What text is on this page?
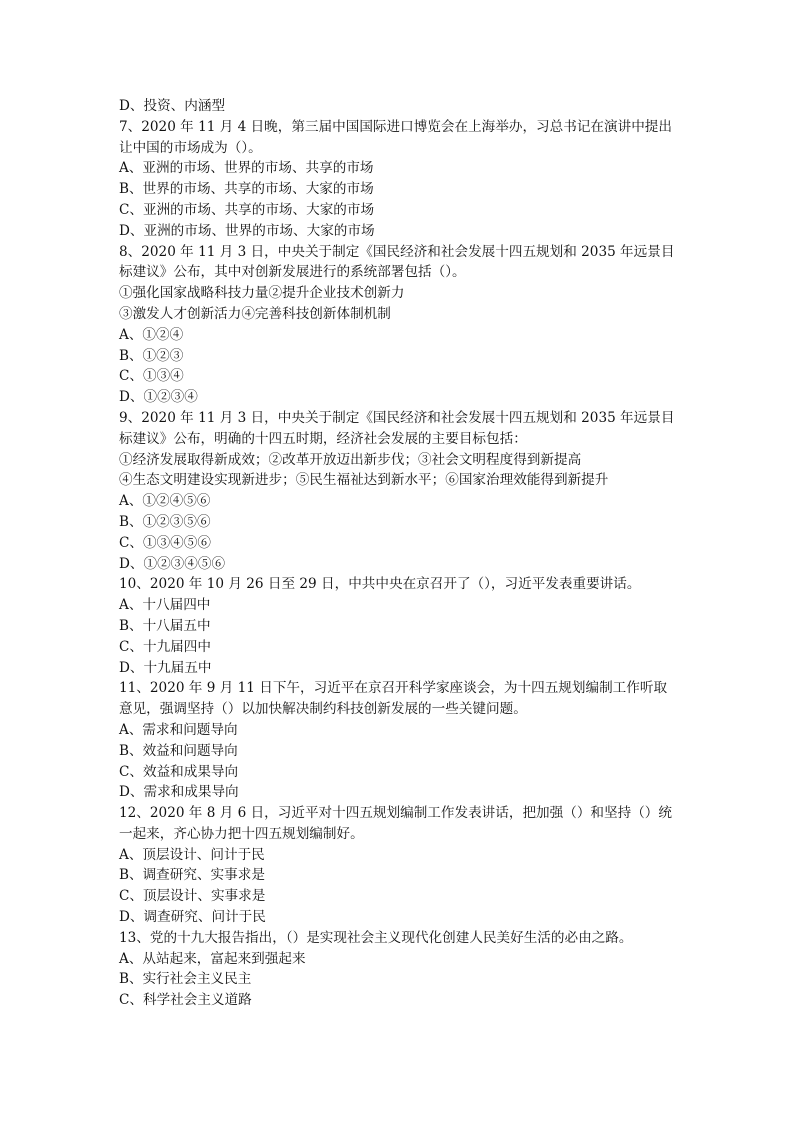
D、投资、内涵型
7、2020 年 11 月 4 日晚，第三届中国国际进口博览会在上海举办，习总书记在演讲中提出
让中国的市场成为（）。
A、亚洲的市场、世界的市场、共享的市场
B、世界的市场、共享的市场、大家的市场
C、亚洲的市场、共享的市场、大家的市场
D、亚洲的市场、世界的市场、大家的市场
8、2020 年 11 月 3 日，中央关于制定《国民经济和社会发展十四五规划和 2035 年远景目
标建议》公布，其中对创新发展进行的系统部署包括（）。
①强化国家战略科技力量②提升企业技术创新力
③激发人才创新活力④完善科技创新体制机制
A、①②④
B、①②③
C、①③④
D、①②③④
9、2020 年 11 月 3 日，中央关于制定《国民经济和社会发展十四五规划和 2035 年远景目
标建议》公布，明确的十四五时期，经济社会发展的主要目标包括：
①经济发展取得新成效；②改革开放迈出新步伐；③社会文明程度得到新提高
④生态文明建设实现新进步；⑤民生福祉达到新水平；⑥国家治理效能得到新提升
A、①②④⑤⑥
B、①②③⑤⑥
C、①③④⑤⑥
D、①②③④⑤⑥
10、2020 年 10 月 26 日至 29 日，中共中央在京召开了（），习近平发表重要讲话。
A、十八届四中
B、十八届五中
C、十九届四中
D、十九届五中
11、2020 年 9 月 11 日下午，习近平在京召开科学家座谈会，为十四五规划编制工作听取
意见，强调坚持（）以加快解决制约科技创新发展的一些关键问题。
A、需求和问题导向
B、效益和问题导向
C、效益和成果导向
D、需求和成果导向
12、2020 年 8 月 6 日，习近平对十四五规划编制工作发表讲话，把加强（）和坚持（）统
一起来，齐心协力把十四五规划编制好。
A、顶层设计、问计于民
B、调查研究、实事求是
C、顶层设计、实事求是
D、调查研究、问计于民
13、党的十九大报告指出，（）是实现社会主义现代化创建人民美好生活的必由之路。
A、从站起来，富起来到强起来
B、实行社会主义民主
C、科学社会主义道路
